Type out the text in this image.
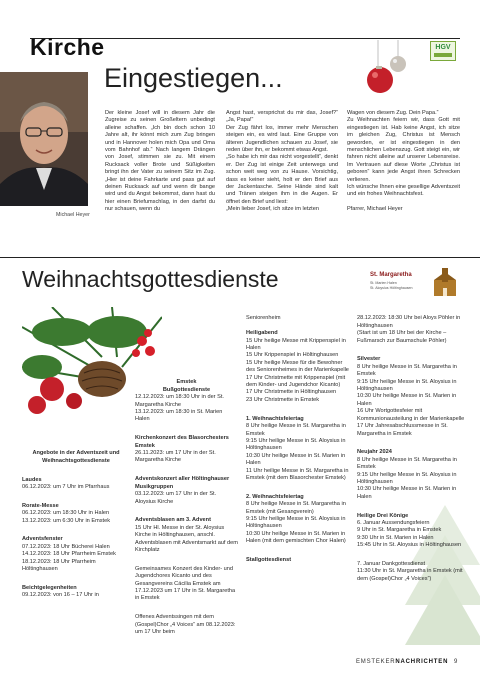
Kirche	HGV
Michael Heyer
Eingestiegen...
Der kleine Josef will in diesem Jahr die Zugreise zu seinen Großeltern unbedingt alleine schaffen. „Ich bin doch schon 10 Jahre alt, ihr könnt mich zum Zug bringen und in Hannover holen mich Opa und Oma vom Bahnhof ab.“ Nach langem Drängen von Josef, stimmen sie zu. Mit einem Rucksack voller Brote und Süßigkeiten bringt ihn der Vater zu seinem Sitz im Zug. „Hier ist deine Fahrkarte und pass gut auf deinen Rucksack auf und wenn dir bange wird und du Angst bekommst, dann hast du hier einen Briefumschlag, in den darfst du nur schauen, wenn du
Angst hast, versprichst du mir das, Josef?“ „Ja, Papa!“
Der Zug fährt los, immer mehr Menschen steigen ein, es wird laut. Eine Gruppe von älteren Jugendlichen schauen zu Josef, sie reden über ihn, er bekommt etwas Angst.
„So habe ich mir das nicht vorgestellt“, denkt er. Der Zug ist einige Zeit unterwegs und schon weit weg von zu Hause. Vorsichtig, dass es keiner sieht, holt er den Brief aus der Jackentasche. Seine Hände sind kalt und Tränen steigen ihm in die Augen. Er öffnet den Brief und liest:
„Mein lieber Josef, ich sitze im letzten
Wagen von diesem Zug. Dein Papa.“
Zu Weihnachten feiern wir, dass Gott mit eingestiegen ist. Hab keine Angst, ich sitze im gleichen Zug, Christus ist Mensch geworden, er ist eingestiegen in den menschlichen Lebenszug. Gott steigt ein, wir fahren nicht alleine auf unserer Lebensreise. Im Vertrauen auf diese Worte „Christus ist geboren“ kann jede Angst ihren Schrecken verlieren.
Ich wünsche Ihnen eine gesellige Adventszeit und ein frohes Weihnachtsfest.

Pfarrer, Michael Heyer
Weihnachtsgottesdienste	St. Margaretha
St. Marien Halen
St. Aloysius Höltinghausen

Angebote in der Adventszeit und Weihnachtsgottesdienste

Laudes
06.12.2023: um 7 Uhr im Pfarrhaus

Rorate-Messe
06.12.2023: um 18:30 Uhr in Halen
13.12.2023: um 6:30 Uhr in Emstek

Adventsfenster
07.12.2023: 18 Uhr Bücherei Halen
14.12.2023: 18 Uhr Pfarrheim Emstek
18.12.2023: 18 Uhr Pfarrheim Höltinghausen

Beichtgelegenheiten
09.12.2023: von 16 – 17 Uhr in

Emstek
Bußgottesdienste
12.12.2023: um 18:30 Uhr in der St. Margaretha Kirche
13.12.2023: um 18:30 in St. Marien Halen

Kirchenkonzert des Blasorchesters Emstek
26.11.2023: um 17 Uhr in der St. Margaretha Kirche

Adventskonzert aller Höltinghauser Musikgruppen
03.12.2023: um 17 Uhr in der St. Aloysius Kirche

Adventsblasen am 3. Advent
15 Uhr Hl. Messe in der St. Aloysius Kirche in Höltinghausen, anschl. Adventsblasen mit Adventsmarkt auf dem Kirchplatz

Gemeinsames Konzert des Kinder- und Jugendchores Kicanto und des Gesangvereins Cäcilia Emstek am 17.12.2023 um 17 Uhr in St. Margaretha in Emstek

Offenes Adventssingen mit dem (Gospel)Chor „4 Voices“ am 08.12.2023: um 17 Uhr beim

Seniorenheim

Heiligabend
15 Uhr heilige Messe mit Krippenspiel in Halen
15 Uhr Krippenspiel in Höltinghausen
15 Uhr heilige Messe für die Bewohner des Seniorenheimes in der Marienkapelle
17 Uhr Christmette mit Krippenspiel (mit dem Kinder- und Jugendchor Kicanto)
17 Uhr Christmette in Höltinghausen
23 Uhr Christmette in Emstek

1. Weihnachtsfeiertag
8 Uhr heilige Messe in St. Margaretha in Emstek
9:15 Uhr heilige Messe in St. Aloysius in Höltinghausen
10:30 Uhr heilige Messe in St. Marien in Halen
11 Uhr heilige Messe in St. Margaretha in Emstek (mit dem Blasorchester Emstek)

2. Weihnachtsfeiertag
8 Uhr heilige Messe in St. Margaretha in Emstek (mit Gesangverein)
9:15 Uhr heilige Messe in St. Aloysius in Höltinghausen
10:30 Uhr heilige Messe in St. Marien in Halen (mit dem gemischten Chor Halen)

Stallgottesdienst

28.12.2023: 18:30 Uhr bei Aloys Pöhler in Höltinghausen
(Start ist um 18 Uhr bei der Kirche – Fußmarsch zur Baumschule Pöhler)

Silvester
8 Uhr heilige Messe in St. Margaretha in Emstek
9:15 Uhr heilige Messe in St. Aloysius in Höltinghausen
10:30 Uhr heilige Messe in St. Marien in Halen
16 Uhr Wortgottesfeier mit Kommunionausteilung in der Marienkapelle
17 Uhr Jahresabschlussmesse in St. Margaretha in Emstek

Neujahr 2024
8 Uhr heilige Messe in St. Margaretha in Emstek
9:15 Uhr heilige Messe in St. Aloysius in Höltinghausen
10:30 Uhr heilige Messe in St. Marien in Halen

Heilige Drei Könige
6. Januar Aussendungsfeiern
9 Uhr in St. Margaretha in Emstek
9:30 Uhr in St. Marien in Halen
15:45 Uhr in St. Aloysius in Höltinghausen

7. Januar Dankgottesdienst
11:30 Uhr in St. Margaretha in Emstek (mit dem (Gospel)Chor „4 Voices“)

EMSTEKERNACHRICHTEN 9
